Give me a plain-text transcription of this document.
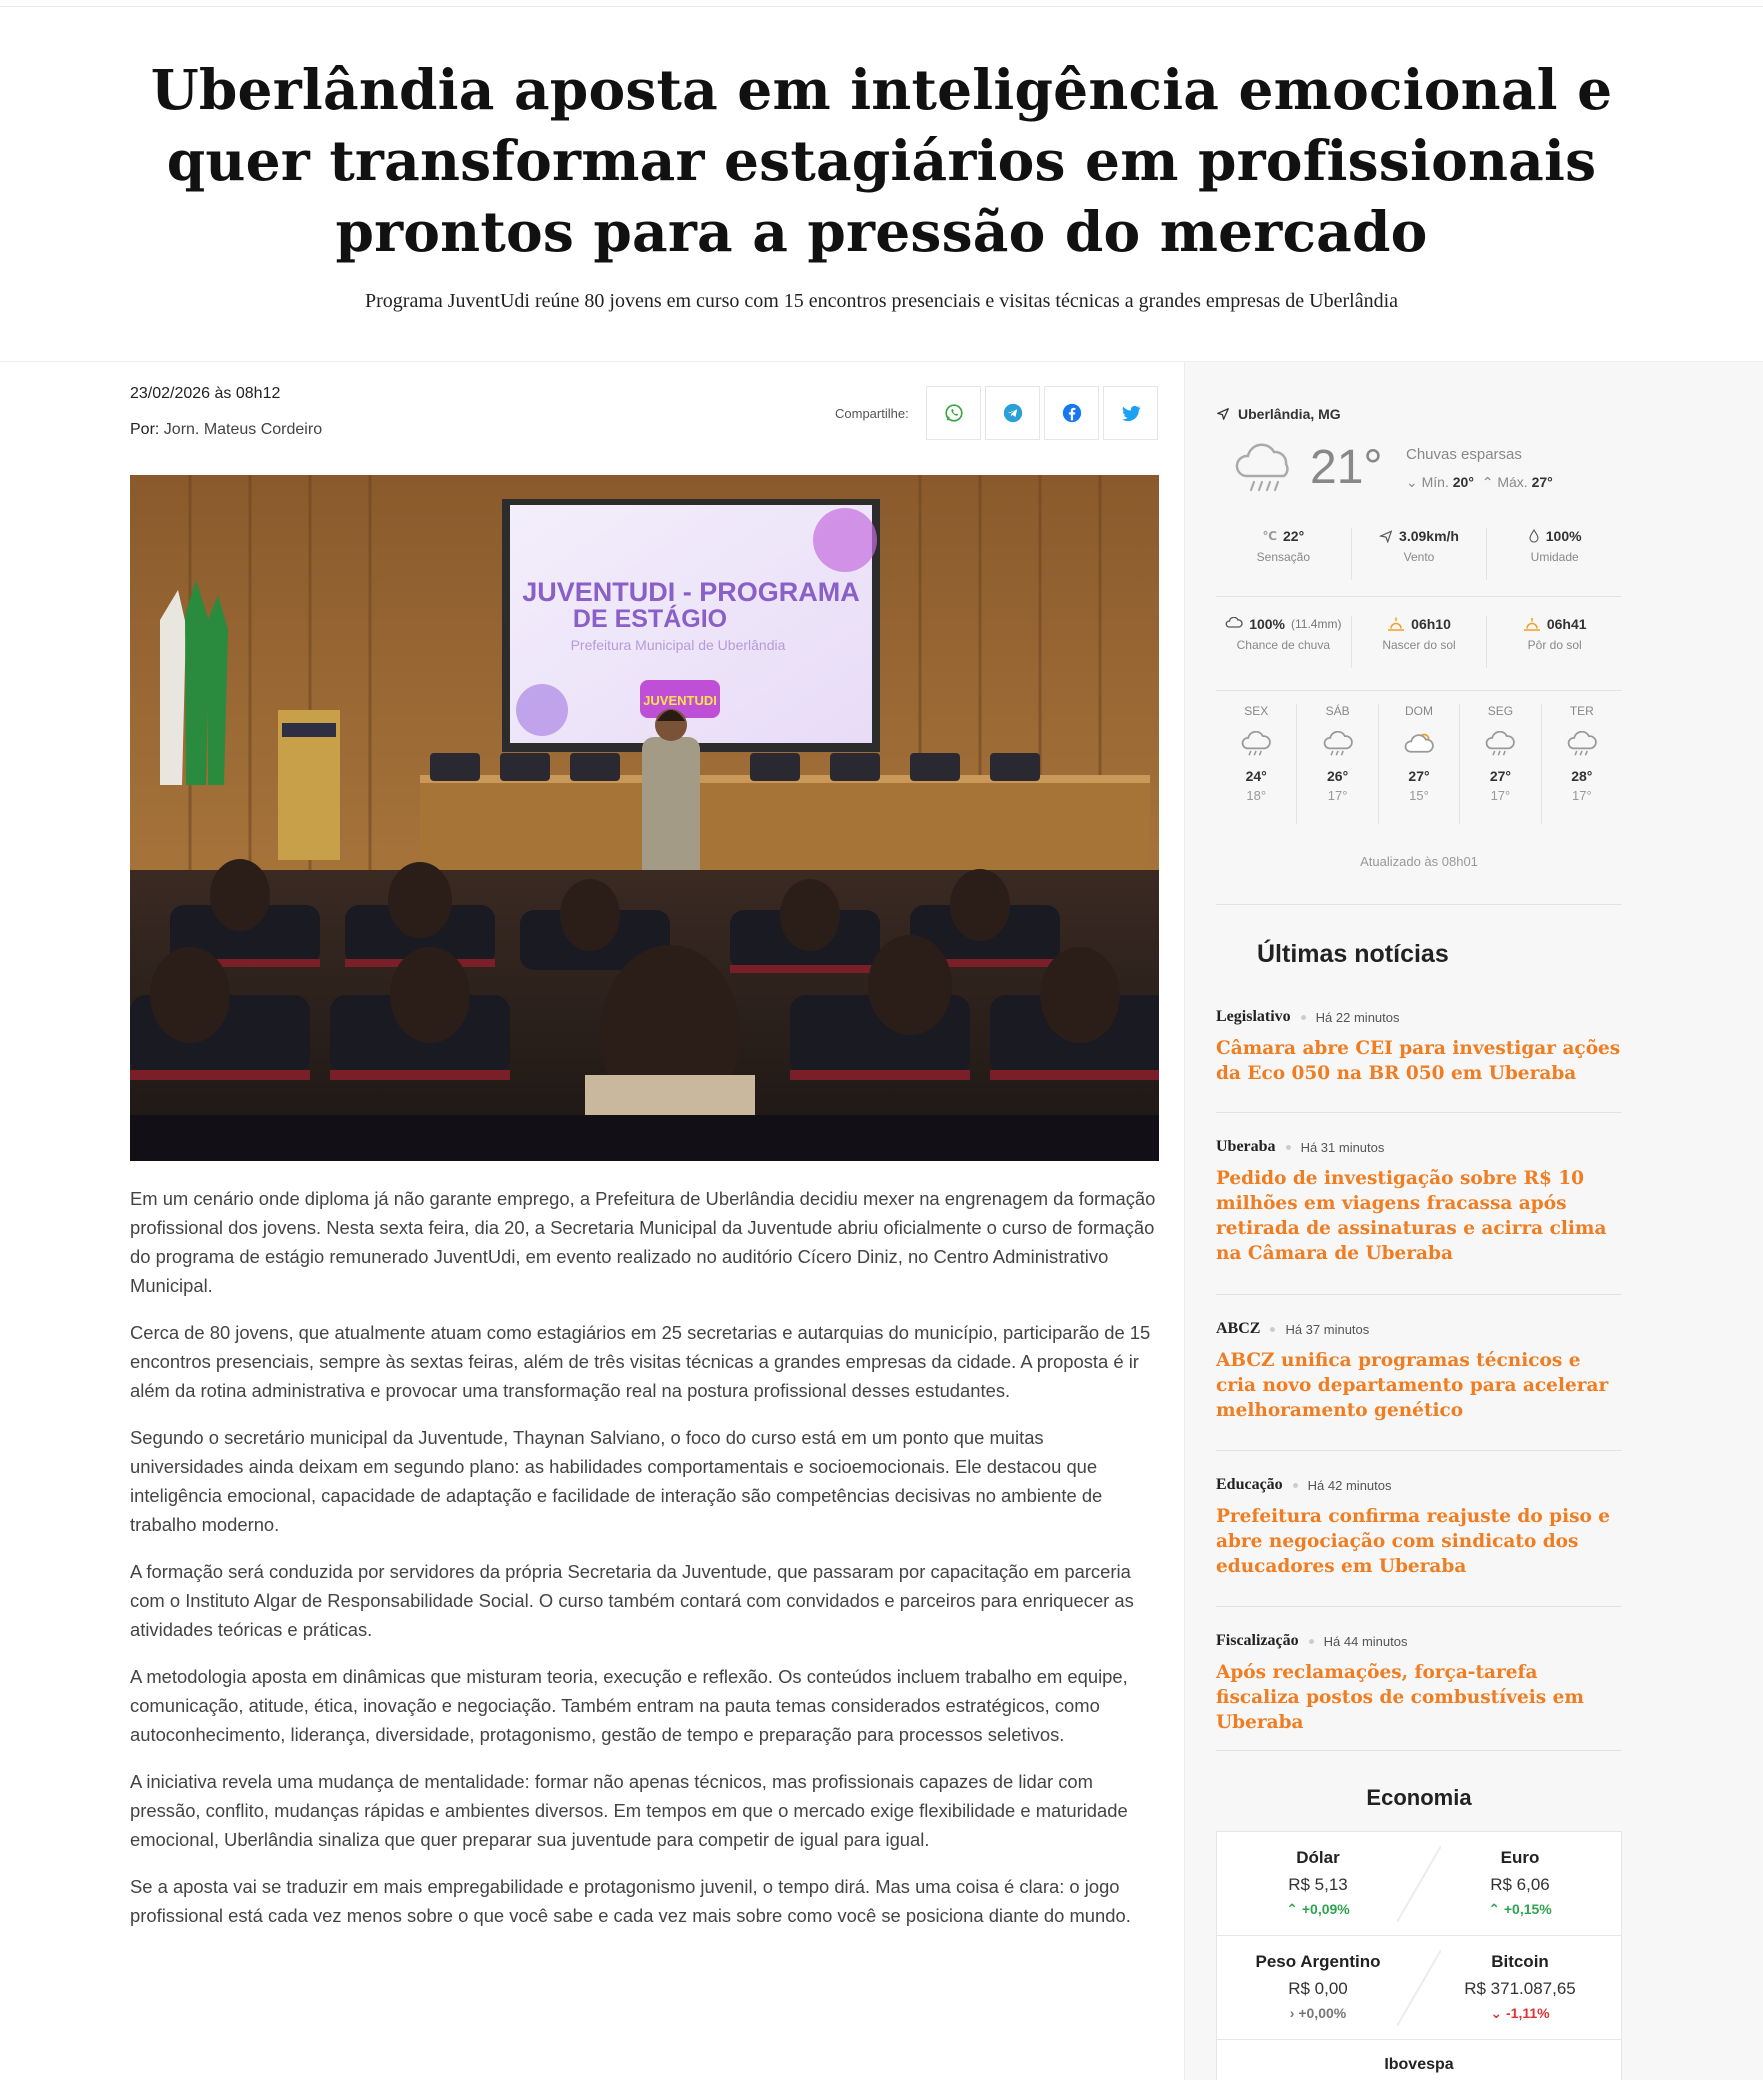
Uberlândia aposta em inteligência emocional e quer transformar estagiários em profissionais prontos para a pressão do mercado

Programa JuventUdi reúne 80 jovens em curso com 15 encontros presenciais e visitas técnicas a grandes empresas de Uberlândia

23/02/2026 às 08h12
Por: Jorn. Mateus Cordeiro
Compartilhe:
JUVENTUDI - PROGRAMA
DE ESTÁGIO
Prefeitura Municipal de Uberlândia
JUVENTUDI

Em um cenário onde diploma já não garante emprego, a Prefeitura de Uberlândia decidiu mexer na engrenagem da formação profissional dos jovens. Nesta sexta feira, dia 20, a Secretaria Municipal da Juventude abriu oficialmente o curso de formação do programa de estágio remunerado JuventUdi, em evento realizado no auditório Cícero Diniz, no Centro Administrativo Municipal.

Cerca de 80 jovens, que atualmente atuam como estagiários em 25 secretarias e autarquias do município, participarão de 15 encontros presenciais, sempre às sextas feiras, além de três visitas técnicas a grandes empresas da cidade. A proposta é ir além da rotina administrativa e provocar uma transformação real na postura profissional desses estudantes.

Segundo o secretário municipal da Juventude, Thaynan Salviano, o foco do curso está em um ponto que muitas universidades ainda deixam em segundo plano: as habilidades comportamentais e socioemocionais. Ele destacou que inteligência emocional, capacidade de adaptação e facilidade de interação são competências decisivas no ambiente de trabalho moderno.

A formação será conduzida por servidores da própria Secretaria da Juventude, que passaram por capacitação em parceria com o Instituto Algar de Responsabilidade Social. O curso também contará com convidados e parceiros para enriquecer as atividades teóricas e práticas.

A metodologia aposta em dinâmicas que misturam teoria, execução e reflexão. Os conteúdos incluem trabalho em equipe, comunicação, atitude, ética, inovação e negociação. Também entram na pauta temas considerados estratégicos, como autoconhecimento, liderança, diversidade, protagonismo, gestão de tempo e preparação para processos seletivos.

A iniciativa revela uma mudança de mentalidade: formar não apenas técnicos, mas profissionais capazes de lidar com pressão, conflito, mudanças rápidas e ambientes diversos. Em tempos em que o mercado exige flexibilidade e maturidade emocional, Uberlândia sinaliza que quer preparar sua juventude para competir de igual para igual.

Se a aposta vai se traduzir em mais empregabilidade e protagonismo juvenil, o tempo dirá. Mas uma coisa é clara: o jogo profissional está cada vez menos sobre o que você sabe e cada vez mais sobre como você se posiciona diante do mundo.

Uberlândia, MG
21° Chuvas esparsas
⌄ Mín. 20° ⌃ Máx. 27°
℃ 22°
Sensação
3.09km/h
Vento
100%
Umidade
100% (11.4mm)
Chance de chuva
06h10
Nascer do sol
06h41
Pôr do sol
SEX
24°
18°
SÁB
26°
17°
DOM
27°
15°
SEG
27°
17°
TER
28°
17°
Atualizado às 08h01
Últimas notícias
Legislativo Há 22 minutos
Câmara abre CEI para investigar ações da Eco 050 na BR 050 em Uberaba
Uberaba Há 31 minutos
Pedido de investigação sobre R$ 10 milhões em viagens fracassa após retirada de assinaturas e acirra clima na Câmara de Uberaba
ABCZ Há 37 minutos
ABCZ unifica programas técnicos e cria novo departamento para acelerar melhoramento genético
Educação Há 42 minutos
Prefeitura confirma reajuste do piso e abre negociação com sindicato dos educadores em Uberaba
Fiscalização Há 44 minutos
Após reclamações, força-tarefa fiscaliza postos de combustíveis em Uberaba
Economia
Dólar
R$ 5,13
⌃ +0,09%
Euro
R$ 6,06
⌃ +0,15%
Peso Argentino
R$ 0,00
› +0,00%
Bitcoin
R$ 371.087,65
⌄ -1,11%
Ibovespa
